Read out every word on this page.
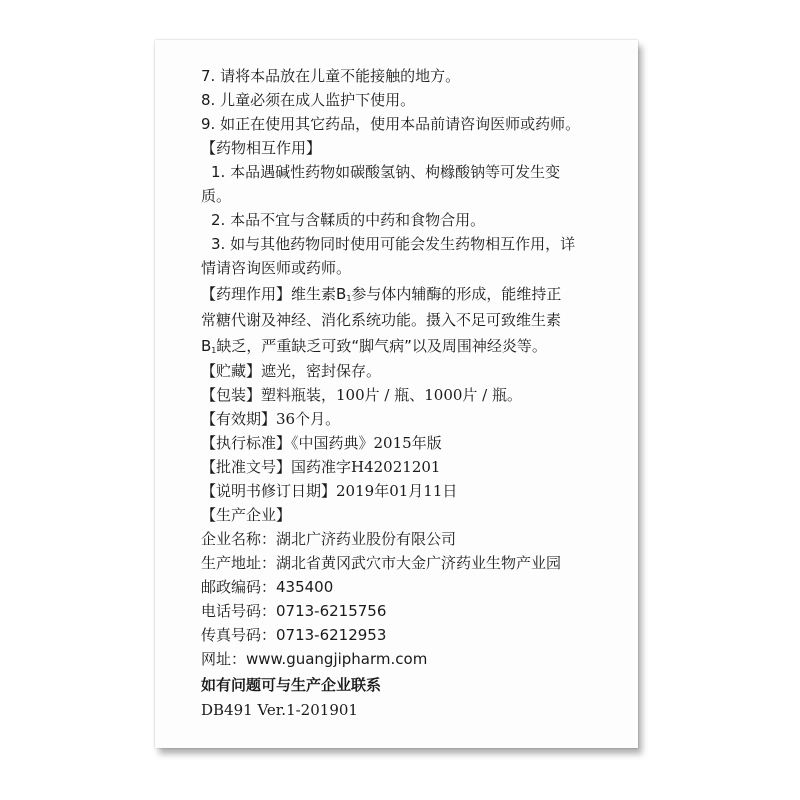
7. 请将本品放在儿童不能接触的地方。
8. 儿童必须在成人监护下使用。
9. 如正在使用其它药品，使用本品前请咨询医师或药师。
【药物相互作用】
1. 本品遇碱性药物如碳酸氢钠、枸橼酸钠等可发生变
质。
2. 本品不宜与含鞣质的中药和食物合用。
3. 如与其他药物同时使用可能会发生药物相互作用，详
情请咨询医师或药师。
【药理作用】维生素$B_1$参与体内辅酶的形成，能维持正
常糖代谢及神经、消化系统功能。摄入不足可致维生素
$B_1$缺乏，严重缺乏可致“脚气病”以及周围神经炎等。
【贮藏】遮光，密封保存。
【包装】塑料瓶装，100片 / 瓶、1000片 / 瓶。
【有效期】36个月。
【执行标准】《中国药典》2015年版
【批准文号】国药准字H42021201
【说明书修订日期】2019年01月11日
【生产企业】
企业名称：湖北广济药业股份有限公司
生产地址：湖北省黄冈武穴市大金广济药业生物产业园
邮政编码：435400
电话号码：0713-6215756
传真号码：0713-6212953
网址：www.guangjipharm.com
如有问题可与生产企业联系
DB491 Ver.1-201901
